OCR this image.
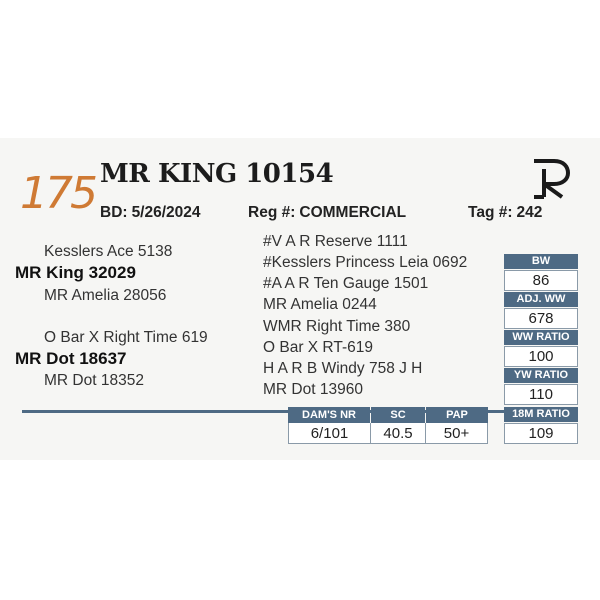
175 MR KING 10154
BD: 5/26/2024	Reg #: COMMERCIAL	Tag #: 242
Kesslers Ace 5138
MR King 32029
MR Amelia 28056
O Bar X Right Time 619
MR Dot 18637
MR Dot 18352
#V A R Reserve 1111
#Kesslers Princess Leia 0692
#A A R Ten Gauge 1501
MR Amelia 0244
WMR Right Time 380
O Bar X RT-619
H A R B Windy 758 J H
MR Dot 13960
BW
86
ADJ. WW
678
WW RATIO
100
YW RATIO
110
18M RATIO
109
DAM'S NR	SC	PAP
6/101	40.5	50+
